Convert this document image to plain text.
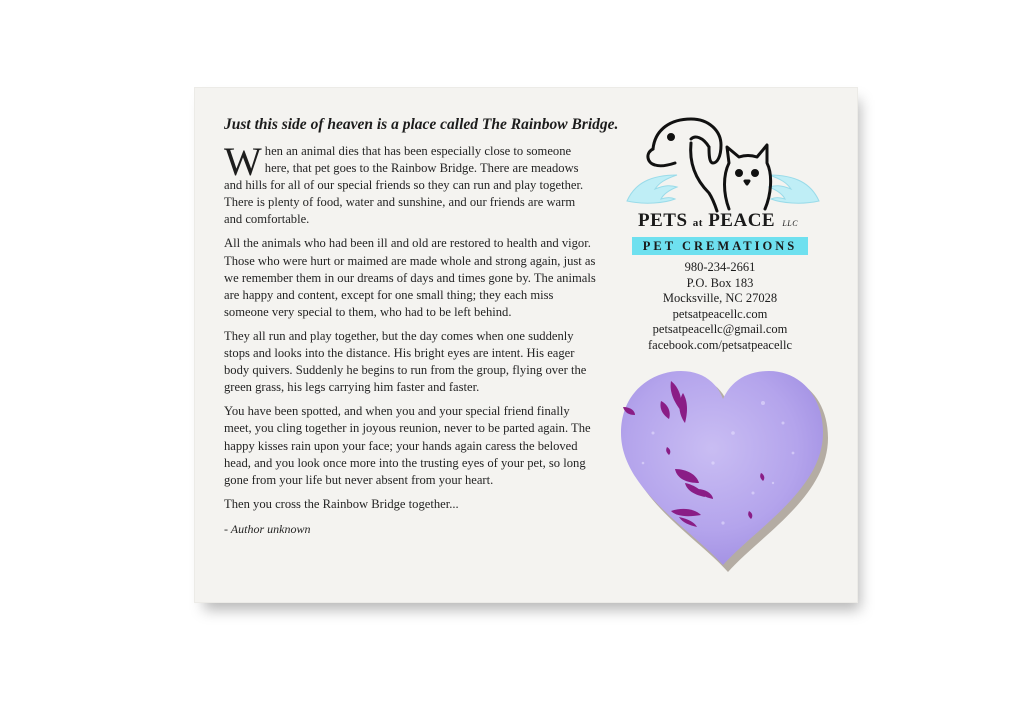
Just this side of heaven is a place called The Rainbow Bridge.

When an animal dies that has been especially close to someone here, that pet goes to the Rainbow Bridge. There are meadows and hills for all of our special friends so they can run and play together. There is plenty of food, water and sunshine, and our friends are warm and comfortable.

All the animals who had been ill and old are restored to health and vigor. Those who were hurt or maimed are made whole and strong again, just as we remember them in our dreams of days and times gone by. The animals are happy and content, except for one small thing; they each miss someone very special to them, who had to be left behind.

They all run and play together, but the day comes when one suddenly stops and looks into the distance. His bright eyes are intent. His eager body quivers. Suddenly he begins to run from the group, flying over the green grass, his legs carrying him faster and faster.

You have been spotted, and when you and your special friend finally meet, you cling together in joyous reunion, never to be parted again. The happy kisses rain upon your face; your hands again caress the beloved head, and you look once more into the trusting eyes of your pet, so long gone from your life but never absent from your heart.

Then you cross the Rainbow Bridge together...

- Author unknown

PETS at PEACE LLC
PET CREMATIONS
980-234-2661
P.O. Box 183
Mocksville, NC 27028
petsatpeacellc.com
petsatpeacellc@gmail.com
facebook.com/petsatpeacellc
